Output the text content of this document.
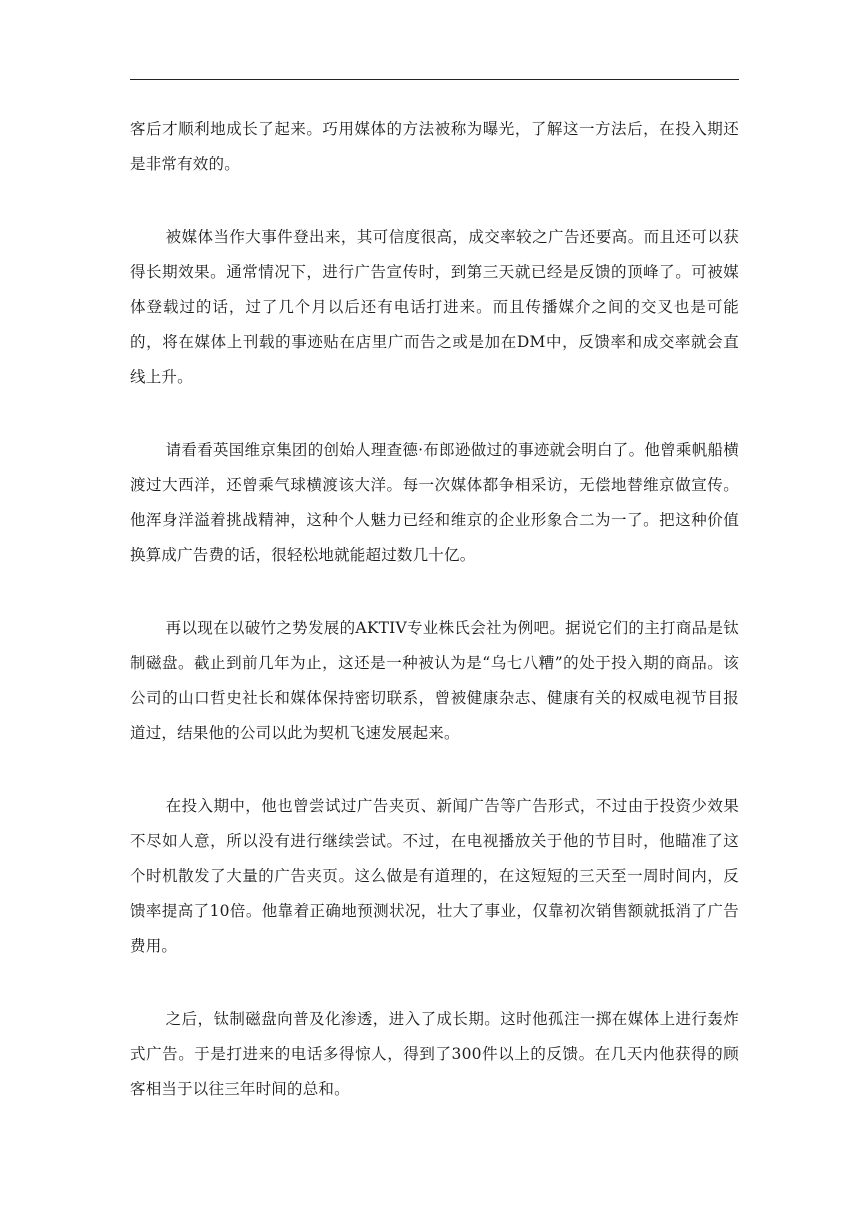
客后才顺利地成长了起来。巧用媒体的方法被称为曝光，了解这一方法后，在投入期还是非常有效的。

被媒体当作大事件登出来，其可信度很高，成交率较之广告还要高。而且还可以获得长期效果。通常情况下，进行广告宣传时，到第三天就已经是反馈的顶峰了。可被媒体登载过的话，过了几个月以后还有电话打进来。而且传播媒介之间的交叉也是可能的，将在媒体上刊载的事迹贴在店里广而告之或是加在DM中，反馈率和成交率就会直线上升。

请看看英国维京集团的创始人理查德·布郎逊做过的事迹就会明白了。他曾乘帆船横渡过大西洋，还曾乘气球横渡该大洋。每一次媒体都争相采访，无偿地替维京做宣传。他浑身洋溢着挑战精神，这种个人魅力已经和维京的企业形象合二为一了。把这种价值换算成广告费的话，很轻松地就能超过数几十亿。

再以现在以破竹之势发展的AKTIV专业株氏会社为例吧。据说它们的主打商品是钛制磁盘。截止到前几年为止，这还是一种被认为是“乌七八糟”的处于投入期的商品。该公司的山口哲史社长和媒体保持密切联系，曾被健康杂志、健康有关的权威电视节目报道过，结果他的公司以此为契机飞速发展起来。

在投入期中，他也曾尝试过广告夹页、新闻广告等广告形式，不过由于投资少效果不尽如人意，所以没有进行继续尝试。不过，在电视播放关于他的节目时，他瞄准了这个时机散发了大量的广告夹页。这么做是有道理的，在这短短的三天至一周时间内，反馈率提高了10倍。他靠着正确地预测状况，壮大了事业，仅靠初次销售额就抵消了广告费用。

之后，钛制磁盘向普及化渗透，进入了成长期。这时他孤注一掷在媒体上进行轰炸式广告。于是打进来的电话多得惊人，得到了300件以上的反馈。在几天内他获得的顾客相当于以往三年时间的总和。
